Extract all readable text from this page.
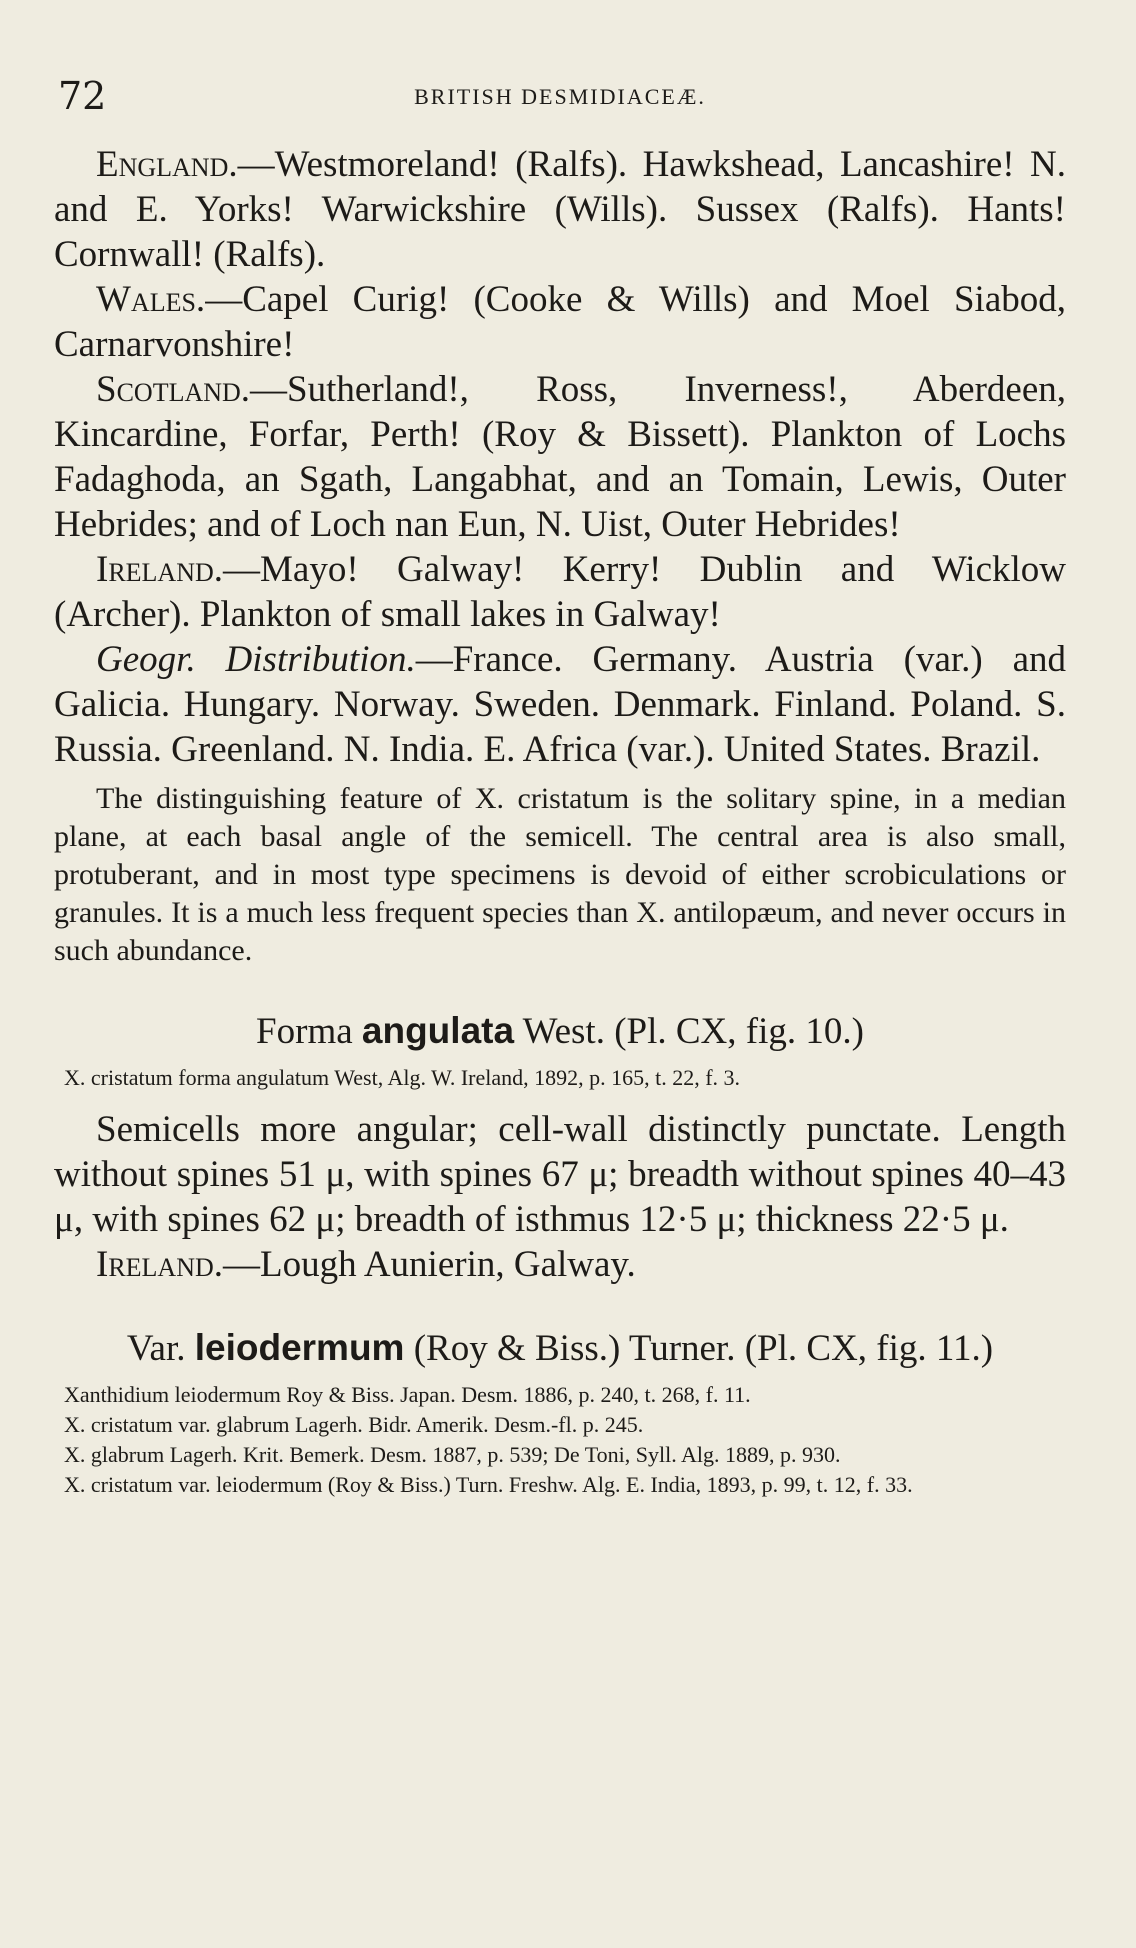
72	BRITISH DESMIDIACEÆ.

England.—Westmoreland! (Ralfs). Hawkshead, Lancashire! N. and E. Yorks! Warwickshire (Wills). Sussex (Ralfs). Hants! Cornwall! (Ralfs).

Wales.—Capel Curig! (Cooke & Wills) and Moel Siabod, Carnarvonshire!

Scotland.—Sutherland!, Ross, Inverness!, Aberdeen, Kincardine, Forfar, Perth! (Roy & Bissett). Plankton of Lochs Fadaghoda, an Sgath, Langabhat, and an Tomain, Lewis, Outer Hebrides; and of Loch nan Eun, N. Uist, Outer Hebrides!

Ireland.—Mayo! Galway! Kerry! Dublin and Wicklow (Archer). Plankton of small lakes in Galway!

Geogr. Distribution.—France. Germany. Austria (var.) and Galicia. Hungary. Norway. Sweden. Denmark. Finland. Poland. S. Russia. Greenland. N. India. E. Africa (var.). United States. Brazil.

The distinguishing feature of X. cristatum is the solitary spine, in a median plane, at each basal angle of the semicell. The central area is also small, protuberant, and in most type specimens is devoid of either scrobiculations or granules. It is a much less frequent species than X. antilopæum, and never occurs in such abundance.

Forma angulata West. (Pl. CX, fig. 10.)

X. cristatum forma angulatum West, Alg. W. Ireland, 1892, p. 165, t. 22, f. 3.

Semicells more angular; cell-wall distinctly punctate. Length without spines 51 μ, with spines 67 μ; breadth without spines 40–43 μ, with spines 62 μ; breadth of isthmus 12·5 μ; thickness 22·5 μ.

Ireland.—Lough Aunierin, Galway.

Var. leiodermum (Roy & Biss.) Turner. (Pl. CX, fig. 11.)

Xanthidium leiodermum Roy & Biss. Japan. Desm. 1886, p. 240, t. 268, f. 11.

X. cristatum var. glabrum Lagerh. Bidr. Amerik. Desm.-fl. p. 245.

X. glabrum Lagerh. Krit. Bemerk. Desm. 1887, p. 539; De Toni, Syll. Alg. 1889, p. 930.

X. cristatum var. leiodermum (Roy & Biss.) Turn. Freshw. Alg. E. India, 1893, p. 99, t. 12, f. 33.
